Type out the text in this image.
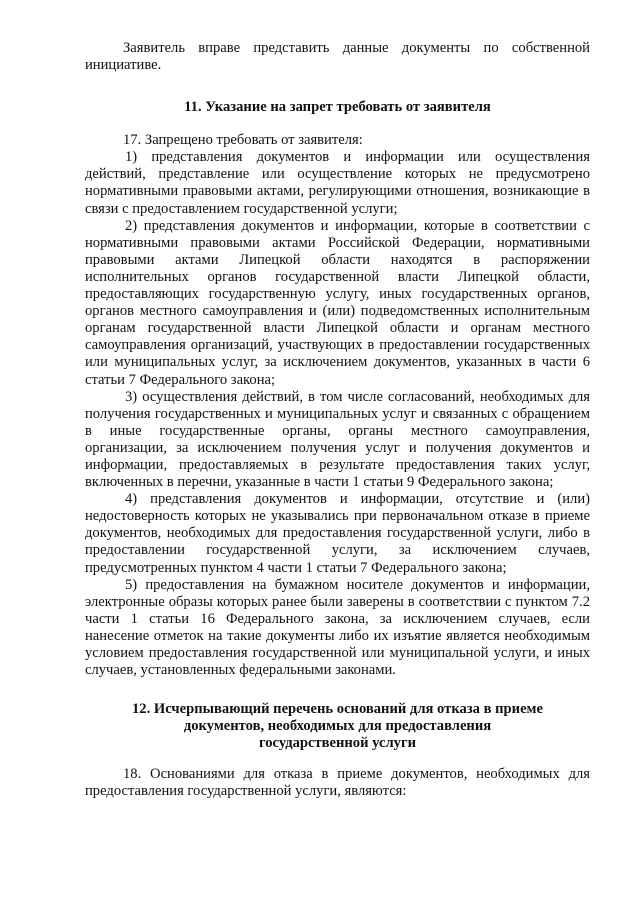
Заявитель вправе представить данные документы по собственной инициативе.

11. Указание на запрет требовать от заявителя

17. Запрещено требовать от заявителя:

1) представления документов и информации или осуществления действий, представление или осуществление которых не предусмотрено нормативными правовыми актами, регулирующими отношения, возникающие в связи с предоставлением государственной услуги;

2) представления документов и информации, которые в соответствии с нормативными правовыми актами Российской Федерации, нормативными правовыми актами Липецкой области находятся в распоряжении исполнительных органов государственной власти Липецкой области, предоставляющих государственную услугу, иных государственных органов, органов местного самоуправления и (или) подведомственных исполнительным органам государственной власти Липецкой области и органам местного самоуправления организаций, участвующих в предоставлении государственных или муниципальных услуг, за исключением документов, указанных в части 6 статьи 7 Федерального закона;

3) осуществления действий, в том числе согласований, необходимых для получения государственных и муниципальных услуг и связанных с обращением в иные государственные органы, органы местного самоуправления, организации, за исключением получения услуг и получения документов и информации, предоставляемых в результате предоставления таких услуг, включенных в перечни, указанные в части 1 статьи 9 Федерального закона;

4) представления документов и информации, отсутствие и (или) недостоверность которых не указывались при первоначальном отказе в приеме документов, необходимых для предоставления государственной услуги, либо в предоставлении государственной услуги, за исключением случаев, предусмотренных пунктом 4 части 1 статьи 7 Федерального закона;

5) предоставления на бумажном носителе документов и информации, электронные образы которых ранее были заверены в соответствии с пунктом 7.2 части 1 статьи 16 Федерального закона, за исключением случаев, если нанесение отметок на такие документы либо их изъятие является необходимым условием предоставления государственной или муниципальной услуги, и иных случаев, установленных федеральными законами.

12. Исчерпывающий перечень оснований для отказа в приеме
документов, необходимых для предоставления
государственной услуги

18. Основаниями для отказа в приеме документов, необходимых для предоставления государственной услуги, являются:
